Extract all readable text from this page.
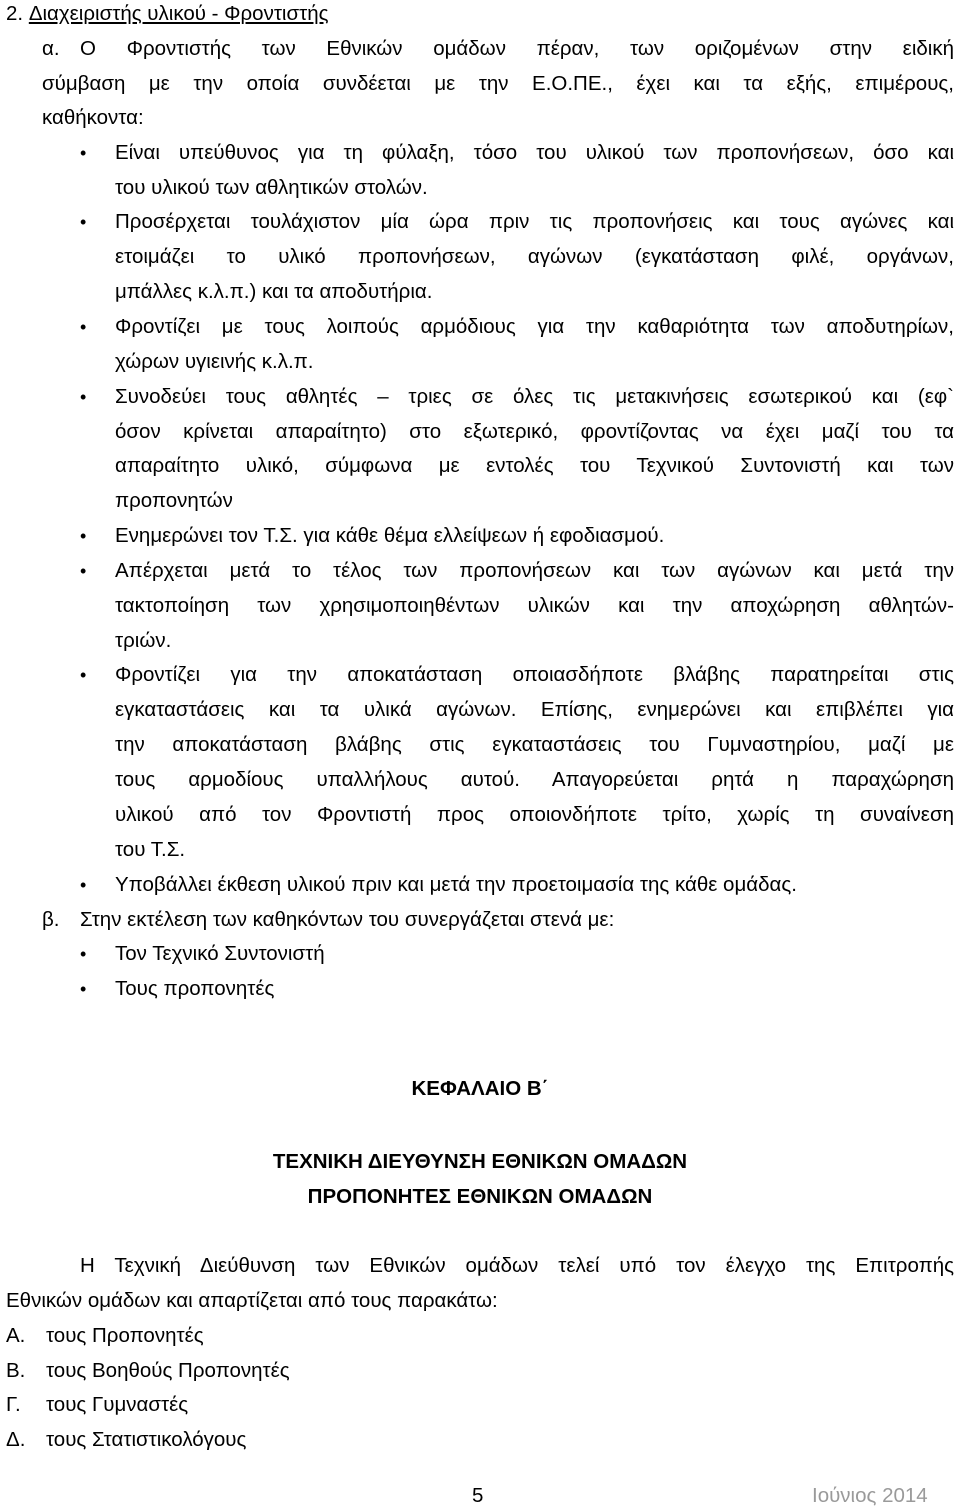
2. Διαχειριστής υλικού - Φροντιστής
α. Ο Φροντιστής των Εθνικών ομάδων πέραν, των οριζομένων στην ειδική
σύμβαση με την οποία συνδέεται με την Ε.Ο.ΠΕ., έχει και τα εξής, επιμέρους,
καθήκοντα:
• Είναι υπεύθυνος για τη φύλαξη, τόσο του υλικού των προπονήσεων, όσο και
του υλικού των αθλητικών στολών.
• Προσέρχεται τουλάχιστον μία ώρα πριν τις προπονήσεις και τους αγώνες και
ετοιμάζει το υλικό προπονήσεων, αγώνων (εγκατάσταση φιλέ, οργάνων,
μπάλλες κ.λ.π.) και τα αποδυτήρια.
• Φροντίζει με τους λοιπούς αρμόδιους για την καθαριότητα των αποδυτηρίων,
χώρων υγιεινής κ.λ.π.
• Συνοδεύει τους αθλητές – τριες σε όλες τις μετακινήσεις εσωτερικού και (εφ`
όσον κρίνεται απαραίτητο) στο εξωτερικό, φροντίζοντας να έχει μαζί του τα
απαραίτητο υλικό, σύμφωνα με εντολές του Τεχνικού Συντονιστή και των
προπονητών
• Ενημερώνει τον Τ.Σ. για κάθε θέμα ελλείψεων ή εφοδιασμού.
• Απέρχεται μετά το τέλος των προπονήσεων και των αγώνων και μετά την
τακτοποίηση των χρησιμοποιηθέντων υλικών και την αποχώρηση αθλητών-
τριών.
• Φροντίζει για την αποκατάσταση οποιασδήποτε βλάβης παρατηρείται στις
εγκαταστάσεις και τα υλικά αγώνων. Επίσης, ενημερώνει και επιβλέπει για
την αποκατάσταση βλάβης στις εγκαταστάσεις του Γυμναστηρίου, μαζί με
τους αρμοδίους υπαλλήλους αυτού. Απαγορεύεται ρητά η παραχώρηση
υλικού από τον Φροντιστή προς οποιονδήποτε τρίτο, χωρίς τη συναίνεση
του Τ.Σ.
• Υποβάλλει έκθεση υλικού πριν και μετά την προετοιμασία της κάθε ομάδας.
β. Στην εκτέλεση των καθηκόντων του συνεργάζεται στενά με:
• Τον Τεχνικό Συντονιστή
• Τους προπονητές
ΚΕΦΑΛΑΙΟ Β΄
ΤΕΧΝΙΚΗ ΔΙΕΥΘΥΝΣΗ ΕΘΝΙΚΩΝ ΟΜΑΔΩΝ
ΠΡΟΠΟΝΗΤΕΣ ΕΘΝΙΚΩΝ ΟΜΑΔΩΝ
Η Τεχνική Διεύθυνση των Εθνικών ομάδων τελεί υπό τον έλεγχο της Επιτροπής
Εθνικών ομάδων και απαρτίζεται από τους παρακάτω:
Α. τους Προπονητές
Β. τους Βοηθούς Προπονητές
Γ. τους Γυμναστές
Δ. τους Στατιστικολόγους
5	Ιούνιος 2014
